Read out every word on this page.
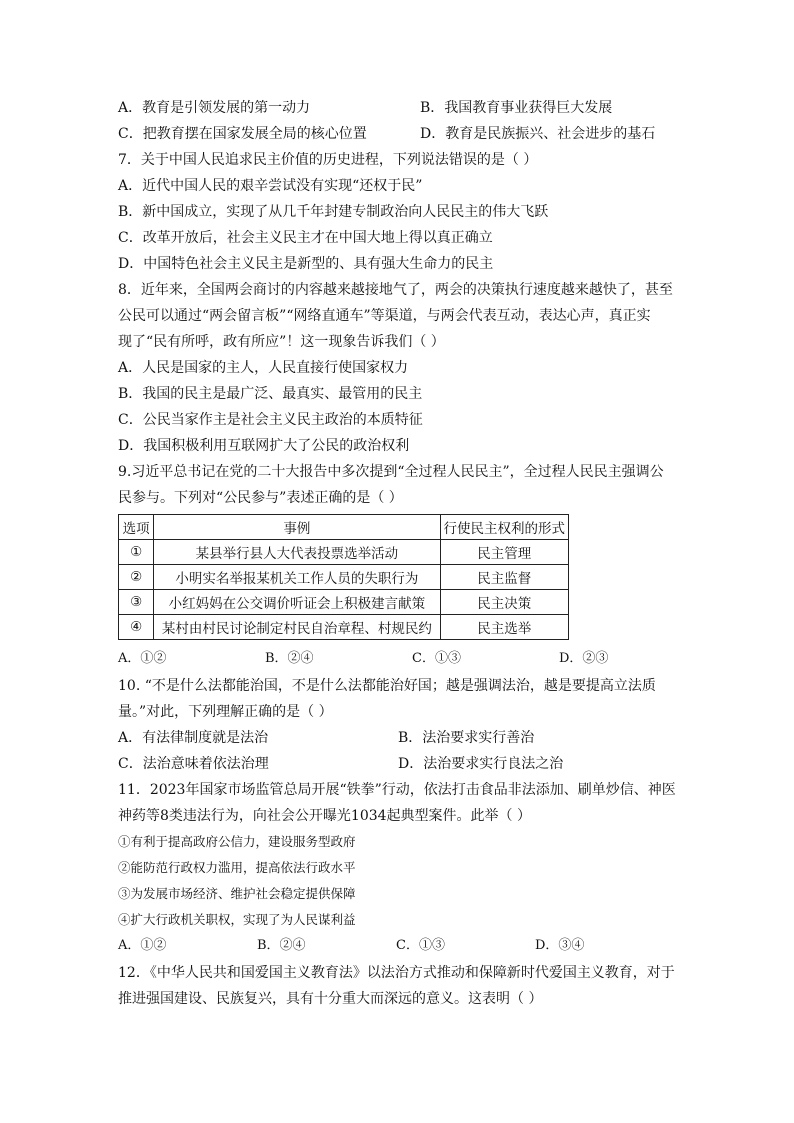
A．教育是引领发展的第一动力	B．我国教育事业获得巨大发展
C．把教育摆在国家发展全局的核心位置	D．教育是民族振兴、社会进步的基石
7．关于中国人民追求民主价值的历史进程，下列说法错误的是（ ）
A．近代中国人民的艰辛尝试没有实现“还权于民”
B．新中国成立，实现了从几千年封建专制政治向人民民主的伟大飞跃
C．改革开放后，社会主义民主才在中国大地上得以真正确立
D．中国特色社会主义民主是新型的、具有强大生命力的民主
8．近年来，全国两会商讨的内容越来越接地气了，两会的决策执行速度越来越快了，甚至
公民可以通过“两会留言板”“网络直通车”等渠道，与两会代表互动，表达心声，真正实
现了“民有所呼，政有所应”！这一现象告诉我们（ ）
A．人民是国家的主人，人民直接行使国家权力
B．我国的民主是最广泛、最真实、最管用的民主
C．公民当家作主是社会主义民主政治的本质特征
D．我国积极利用互联网扩大了公民的政治权利
9.习近平总书记在党的二十大报告中多次提到“全过程人民民主”，全过程人民民主强调公
民参与。下列对“公民参与”表述正确的是（ ）
选项	事例	行使民主权利的形式
①	某县举行县人大代表投票选举活动	民主管理
②	小明实名举报某机关工作人员的失职行为	民主监督
③	小红妈妈在公交调价听证会上积极建言献策	民主决策
④	某村由村民讨论制定村民自治章程、村规民约	民主选举
A．①②	B．②④	C．①③	D．②③
10. “不是什么法都能治国，不是什么法都能治好国；越是强调法治，越是要提高立法质
量。”对此，下列理解正确的是（ ）
A．有法律制度就是法治	B．法治要求实行善治
C．法治意味着依法治理	D．法治要求实行良法之治
11．2023年国家市场监管总局开展“铁拳”行动，依法打击食品非法添加、刷单炒信、神医
神药等8类违法行为，向社会公开曝光1034起典型案件。此举（ ）
①有利于提高政府公信力，建设服务型政府
②能防范行政权力滥用，提高依法行政水平
③为发展市场经济、维护社会稳定提供保障
④扩大行政机关职权，实现了为人民谋利益
A．①②	B．②④	C．①③	D．③④
12．《中华人民共和国爱国主义教育法》以法治方式推动和保障新时代爱国主义教育，对于
推进强国建设、民族复兴，具有十分重大而深远的意义。这表明（ ）
